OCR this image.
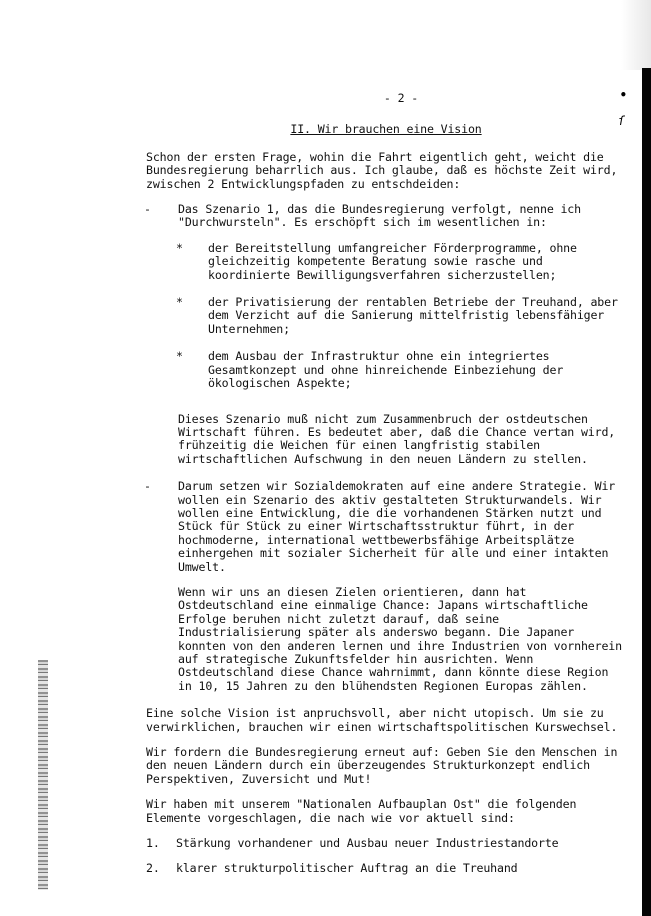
•
ſ
- 2 -
II. Wir brauchen eine Vision

Schon der ersten Frage, wohin die Fahrt eigentlich geht, weicht die Bundesregierung beharrlich aus. Ich glaube, daß es höchste Zeit wird, zwischen 2 Entwicklungspfaden zu entschdeiden:

-	Das Szenario 1, das die Bundesregierung verfolgt, nenne ich "Durchwursteln". Es erschöpft sich im wesentlichen in:

*	der Bereitstellung umfangreicher Förderprogramme, ohne gleichzeitig kompetente Beratung sowie rasche und koordinierte Bewilligungsverfahren sicherzustellen;
*	der Privatisierung der rentablen Betriebe der Treuhand, aber dem Verzicht auf die Sanierung mittelfristig lebensfähiger Unternehmen;
*	dem Ausbau der Infrastruktur ohne ein integriertes Gesamtkonzept und ohne hinreichende Einbeziehung der ökologischen Aspekte;

Dieses Szenario muß nicht zum Zusammenbruch der ostdeutschen Wirtschaft führen. Es bedeutet aber, daß die Chance vertan wird, frühzeitig die Weichen für einen langfristig stabilen wirtschaftlichen Aufschwung in den neuen Ländern zu stellen.

-	Darum setzen wir Sozialdemokraten auf eine andere Strategie. Wir wollen ein Szenario des aktiv gestalteten Strukturwandels. Wir wollen eine Entwicklung, die die vorhandenen Stärken nutzt und Stück für Stück zu einer Wirtschaftsstruktur führt, in der hochmoderne, international wettbewerbsfähige Arbeitsplätze einhergehen mit sozialer Sicherheit für alle und einer intakten Umwelt.

Wenn wir uns an diesen Zielen orientieren, dann hat Ostdeutschland eine einmalige Chance: Japans wirtschaftliche Erfolge beruhen nicht zuletzt darauf, daß seine Industrialisierung später als anderswo begann. Die Japaner konnten von den anderen lernen und ihre Industrien von vornherein auf strategische Zukunftsfelder hin ausrichten. Wenn Ostdeutschland diese Chance wahrnimmt, dann könnte diese Region in 10, 15 Jahren zu den blühendsten Regionen Europas zählen.

Eine solche Vision ist anpruchsvoll, aber nicht utopisch. Um sie zu verwirklichen, brauchen wir einen wirtschaftspolitischen Kurswechsel.

Wir fordern die Bundesregierung erneut auf: Geben Sie den Menschen in den neuen Ländern durch ein überzeugendes Strukturkonzept endlich Perspektiven, Zuversicht und Mut!

Wir haben mit unserem "Nationalen Aufbauplan Ost" die folgenden Elemente vorgeschlagen, die nach wie vor aktuell sind:

1.	Stärkung vorhandener und Ausbau neuer Industriestandorte
2.	klarer strukturpolitischer Auftrag an die Treuhand
